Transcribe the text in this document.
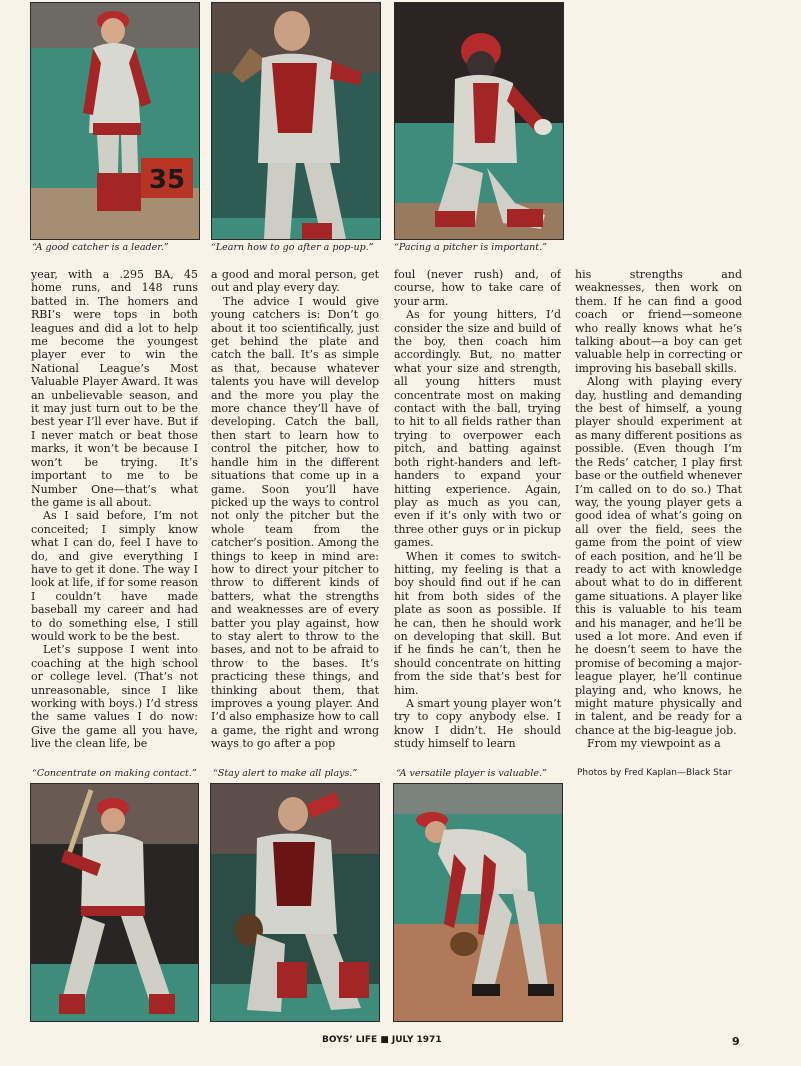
35
“A good catcher is a leader.”	“Learn how to go after a pop-up.” “Pacing a pitcher is important.”

year, with a .295 BA, 45 home runs, and 148 runs batted in. The homers and RBI’s were tops in both leagues and did a lot to help me become the youngest player ever to win the National League’s Most Valuable Player Award. It was an unbelievable season, and it may just turn out to be the best year I’ll ever have. But if I never match or beat those marks, it won’t be because I won’t be trying. It’s important to me to be Number One—that’s what the game is all about.

As I said before, I’m not conceited; I simply know what I can do, feel I have to do, and give everything I have to get it done. The way I look at life, if for some reason I couldn’t have made baseball my career and had to do something else, I still would work to be the best.

Let’s suppose I went into coaching at the high school or college level. (That’s not unreasonable, since I like working with boys.) I’d stress the same values I do now: Give the game all you have, live the clean life, be

a good and moral person, get out and play every day.

The advice I would give young catchers is: Don’t go about it too scientifically, just get behind the plate and catch the ball. It’s as simple as that, because whatever talents you have will develop and the more you play the more chance they’ll have of developing. Catch the ball, then start to learn how to control the pitcher, how to handle him in the different situations that come up in a game. Soon you’ll have picked up the ways to control not only the pitcher but the whole team from the catcher’s position. Among the things to keep in mind are: how to direct your pitcher to throw to different kinds of batters, what the strengths and weaknesses are of every batter you play against, how to stay alert to throw to the bases, and not to be afraid to throw to the bases. It’s practicing these things, and thinking about them, that improves a young player. And I’d also emphasize how to call a game, the right and wrong ways to go after a pop

foul (never rush) and, of course, how to take care of your arm.

As for young hitters, I’d consider the size and build of the boy, then coach him accordingly. But, no matter what your size and strength, all young hitters must concentrate most on making contact with the ball, trying to hit to all fields rather than trying to overpower each pitch, and batting against both right-handers and left-handers to expand your hitting experience. Again, play as much as you can, even if it’s only with two or three other guys or in pickup games.

When it comes to switch-hitting, my feeling is that a boy should find out if he can hit from both sides of the plate as soon as possible. If he can, then he should work on developing that skill. But if he finds he can’t, then he should concentrate on hitting from the side that’s best for him.

A smart young player won’t try to copy anybody else. I know I didn’t. He should study himself to learn

his strengths and weaknesses, then work on them. If he can find a good coach or friend—someone who really knows what he’s talking about—a boy can get valuable help in correcting or improving his baseball skills.

Along with playing every day, hustling and demanding the best of himself, a young player should experiment at as many different positions as possible. (Even though I’m the Reds’ catcher, I play first base or the outfield whenever I’m called on to do so.) That way, the young player gets a good idea of what’s going on all over the field, sees the game from the point of view of each position, and he’ll be ready to act with knowledge about what to do in different game situations. A player like this is valuable to his team and his manager, and he’ll be used a lot more. And even if he doesn’t seem to have the promise of becoming a major-league player, he’ll continue playing and, who knows, he might mature physically and in talent, and be ready for a chance at the big-league job.

From my viewpoint as a

“Concentrate on making contact.” “Stay alert to make all plays.”	“A versatile player is valuable.”	Photos by Fred Kaplan—Black Star
BOYS’ LIFE ■ JULY 1971	9
